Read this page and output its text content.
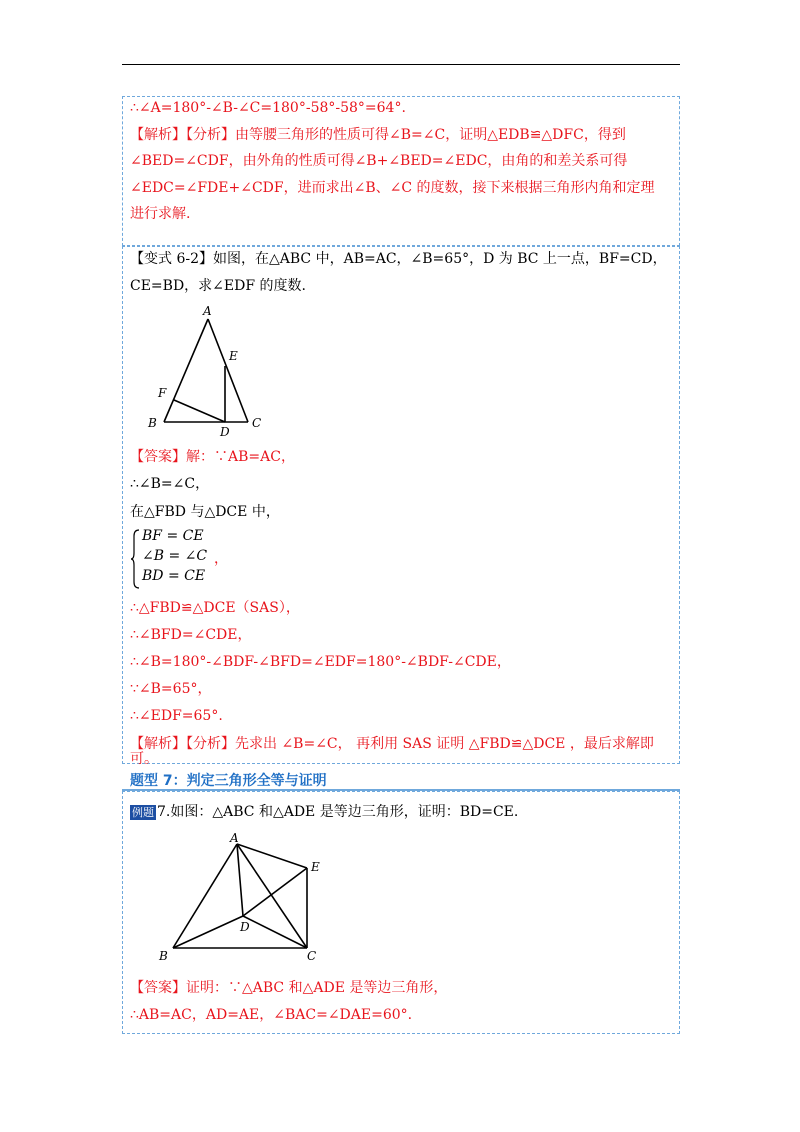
∴∠A=180°-∠B-∠C=180°-58°-58°=64°.
【解析】【分析】由等腰三角形的性质可得∠B=∠C，证明△EDB≌△DFC，得到
∠BED=∠CDF，由外角的性质可得∠B+∠BED=∠EDC，由角的和差关系可得
∠EDC=∠FDE+∠CDF，进而求出∠B、∠C 的度数，接下来根据三角形内角和定理
进行求解.
【变式 6-2】如图，在△ABC 中，AB=AC，∠B=65°，D 为 BC 上一点，BF=CD，
CE=BD，求∠EDF 的度数.
A
E
F
B
D
C
【答案】解：∵AB=AC，
∴∠B=∠C，
在△FBD 与△DCE 中，
BF = CE
∠B = ∠C
BD = CE
，
∴△FBD≌△DCE（SAS），
∴∠BFD=∠CDE，
∴∠B=180°-∠BDF-∠BFD=∠EDF=180°-∠BDF-∠CDE，
∵∠B=65°，
∴∠EDF=65°.
【解析】【分析】先求出 ∠B=∠C， 再利用 SAS 证明 △FBD≌△DCE ，最后求解即
可。
题型 7：判定三角形全等与证明
例题 7.如图：△ABC 和△ADE 是等边三角形，证明：BD=CE.
A
E
D
B	C
【答案】证明：∵△ABC 和△ADE 是等边三角形，
∴AB=AC，AD=AE，∠BAC=∠DAE=60°.
